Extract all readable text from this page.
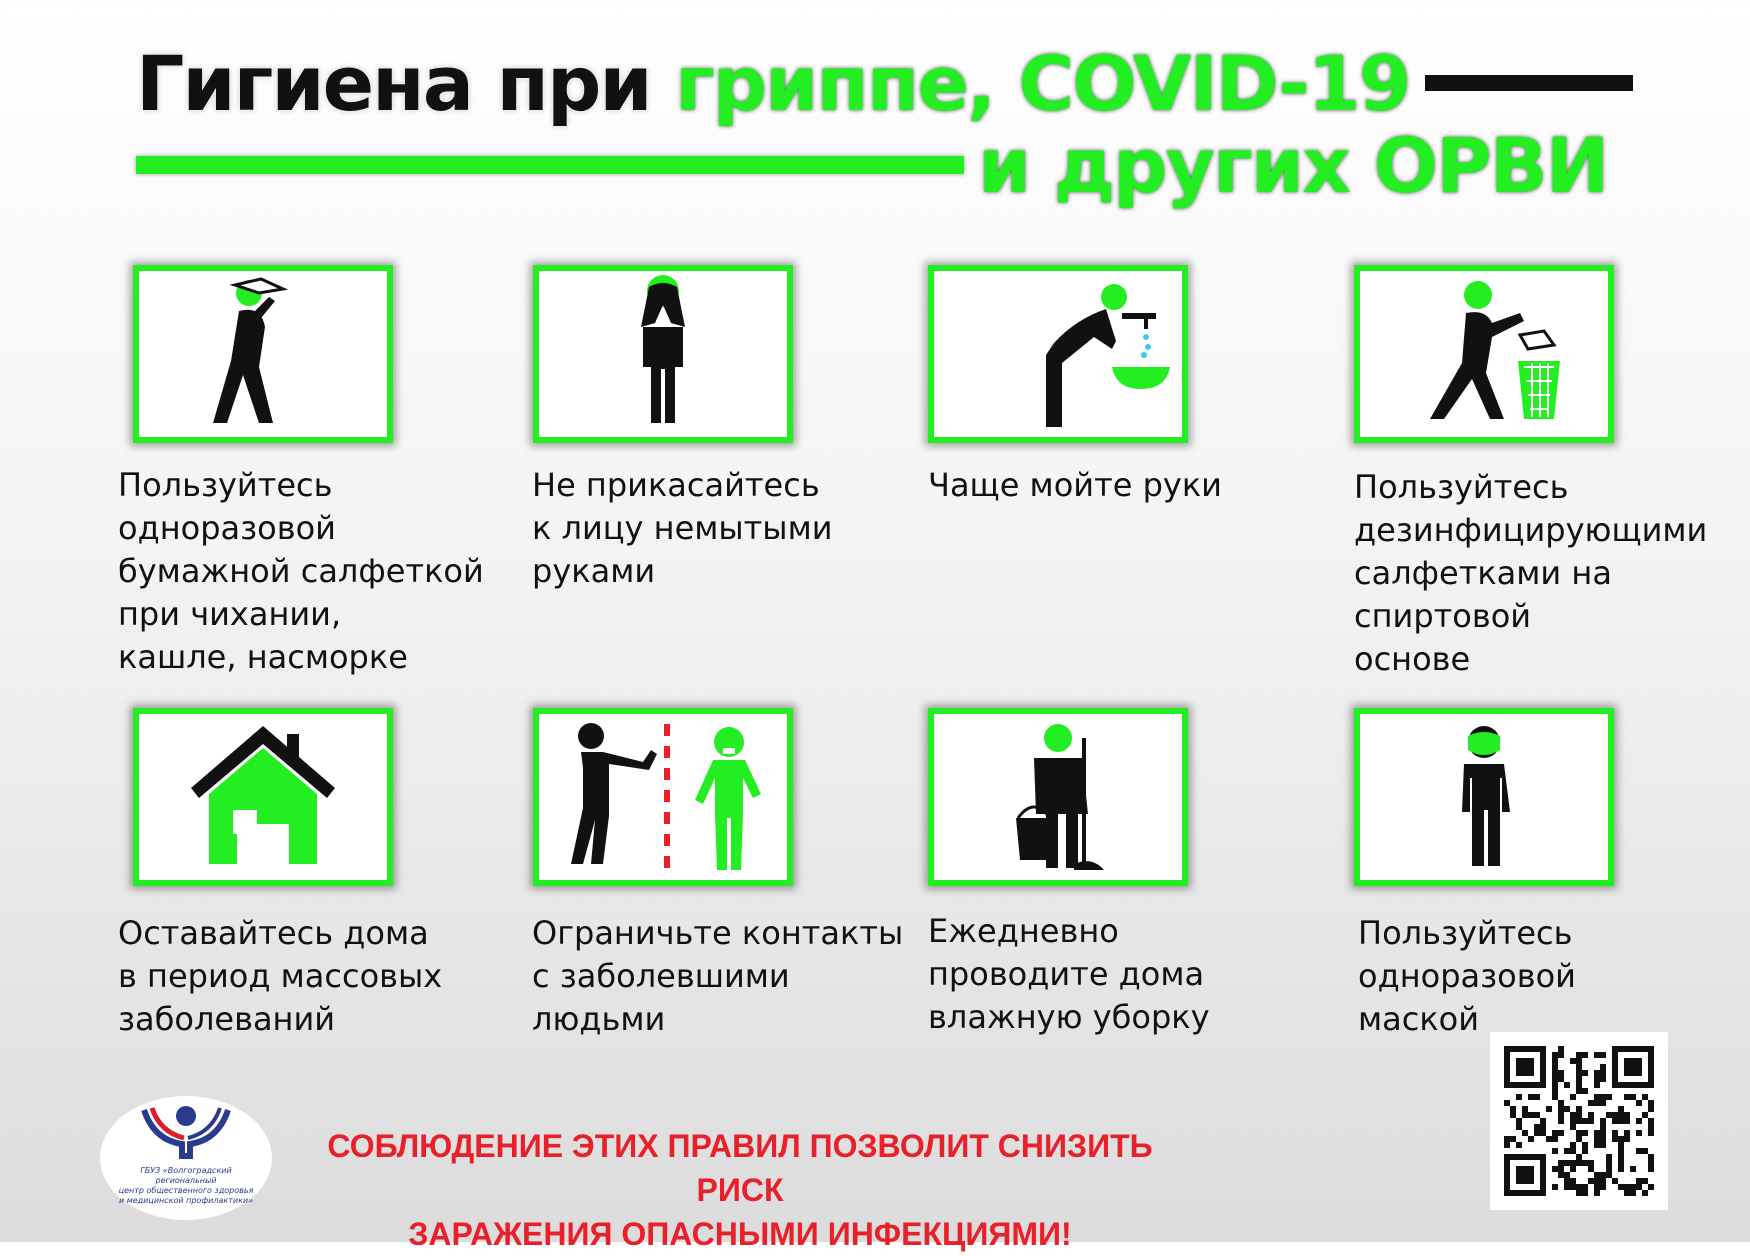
Гигиена при гриппе, COVID-19
и других ОРВИ
Пользуйтесь
одноразовой
бумажной салфеткой
при чихании,
кашле, насморке
Не прикасайтесь
к лицу немытыми
руками
Чаще мойте руки	Пользуйтесь
дезинфицирующими
салфетками на
спиртовой
основе
Оставайтесь дома
в период массовых
заболеваний
Ограничьте контакты
с заболевшими
людьми
Ежедневно
проводите дома
влажную уборку
Пользуйтесь
одноразовой
маской
ГБУЗ «Волгоградский региональный
центр общественного здоровья
и медицинской профилактики»
СОБЛЮДЕНИЕ ЭТИХ ПРАВИЛ ПОЗВОЛИТ СНИЗИТЬ РИСК
ЗАРАЖЕНИЯ ОПАСНЫМИ ИНФЕКЦИЯМИ!
